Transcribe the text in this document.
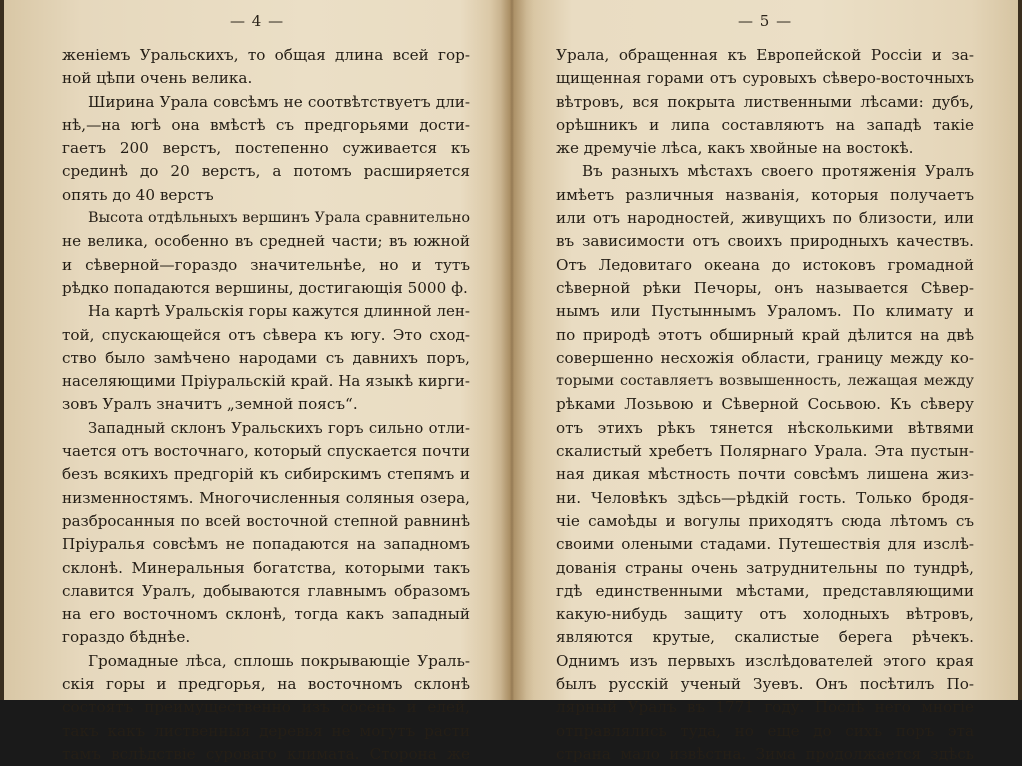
— 4 —
женіемъ Уральскихъ, то общая длина всей гор-
ной цѣпи очень велика.
Ширина Урала совсѣмъ не соотвѣтствуетъ дли-
нѣ,—на югѣ она вмѣстѣ съ предгорьями дости-
гаетъ 200 верстъ, постепенно суживается къ
срединѣ до 20 верстъ, а потомъ расширяется
опять до 40 верстъ
Высота отдѣльныхъ вершинъ Урала сравнительно
не велика, особенно въ средней части; въ южной
и сѣверной—гораздо значительнѣе, но и тутъ
рѣдко попадаются вершины, достигающія 5000 ф.
На картѣ Уральскія горы кажутся длинной лен-
той, спускающейся отъ сѣвера къ югу. Это сход-
ство было замѣчено народами съ давнихъ поръ,
населяющими Пріуральскій край. На языкѣ кирги-
зовъ Уралъ значитъ „земной поясъ“.
Западный склонъ Уральскихъ горъ сильно отли-
чается отъ восточнаго, который спускается почти
безъ всякихъ предгорій къ сибирскимъ степямъ и
низменностямъ. Многочисленныя соляныя озера,
разбросанныя по всей восточной степной равнинѣ
Пріуралья совсѣмъ не попадаются на западномъ
склонѣ. Минеральныя богатства, которыми такъ
славится Уралъ, добываются главнымъ образомъ
на его восточномъ склонѣ, тогда какъ западный
гораздо бѣднѣе.
Громадные лѣса, сплошь покрывающіе Ураль-
скія горы и предгорья, на восточномъ склонѣ
состоятъ преимущественно изъ сосенъ и елей,
такъ какъ лиственныя деревья не могутъ расти
тамъ вслѣдствіе суроваго климата. Сторона же
— 5 —
Урала, обращенная къ Европейской Россіи и за-
щищенная горами отъ суровыхъ сѣверо-восточныхъ
вѣтровъ, вся покрыта лиственными лѣсами: дубъ,
орѣшникъ и липа составляютъ на западѣ такіе
же дремучіе лѣса, какъ хвойные на востокѣ.
Въ разныхъ мѣстахъ своего протяженія Уралъ
имѣетъ различныя названія, которыя получаетъ
или отъ народностей, живущихъ по близости, или
въ зависимости отъ своихъ природныхъ качествъ.
Отъ Ледовитаго океана до истоковъ громадной
сѣверной рѣки Печоры, онъ называется Сѣвер-
нымъ или Пустыннымъ Ураломъ. По климату и
по природѣ этотъ обширный край дѣлится на двѣ
совершенно несхожія области, границу между ко-
торыми составляетъ возвышенность, лежащая между
рѣками Лозьвою и Сѣверной Сосьвою. Къ сѣверу
отъ этихъ рѣкъ тянется нѣсколькими вѣтвями
скалистый хребетъ Полярнаго Урала. Эта пустын-
ная дикая мѣстность почти совсѣмъ лишена жиз-
ни. Человѣкъ здѣсь—рѣдкій гость. Только бродя-
чіе самоѣды и вогулы приходятъ сюда лѣтомъ съ
своими олеными стадами. Путешествія для изслѣ-
дованія страны очень затруднительны по тундрѣ,
гдѣ единственными мѣстами, представляющими
какую-нибудь защиту отъ холодныхъ вѣтровъ,
являются крутые, скалистые берега рѣчекъ.
Однимъ изъ первыхъ изслѣдователей этого края
былъ русскій ученый Зуевъ. Онъ посѣтилъ По-
лярный Уралъ въ 1771 году. Послѣ него многіе
отправлялись туда, но еще до сихъ поръ эта
страна мало извѣстна. Зима продолжается здѣсь
